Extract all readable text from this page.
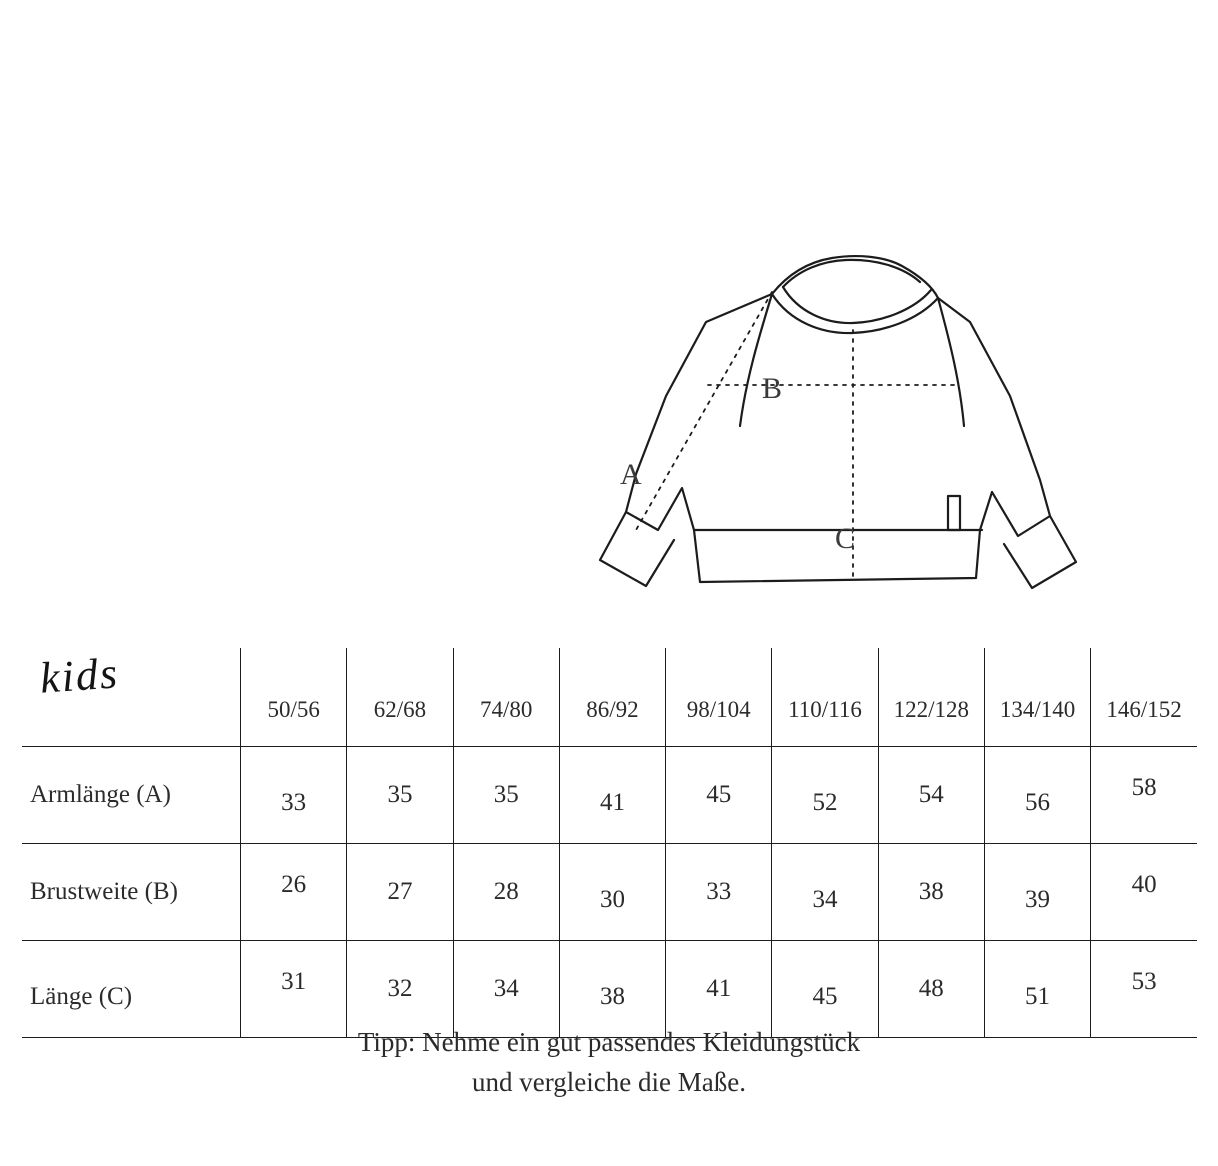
A
B
C
kids	50/56	62/68	74/80	86/92	98/104	110/116	122/128	134/140	146/152
Armlänge (A)	33	35	35	41	45	52	54	56	58
Brustweite (B)	26	27	28	30	33	34	38	39	40
Länge (C)	31	32	34	38	41	45	48	51	53
Tipp: Nehme ein gut passendes Kleidungstück
und vergleiche die Maße.
